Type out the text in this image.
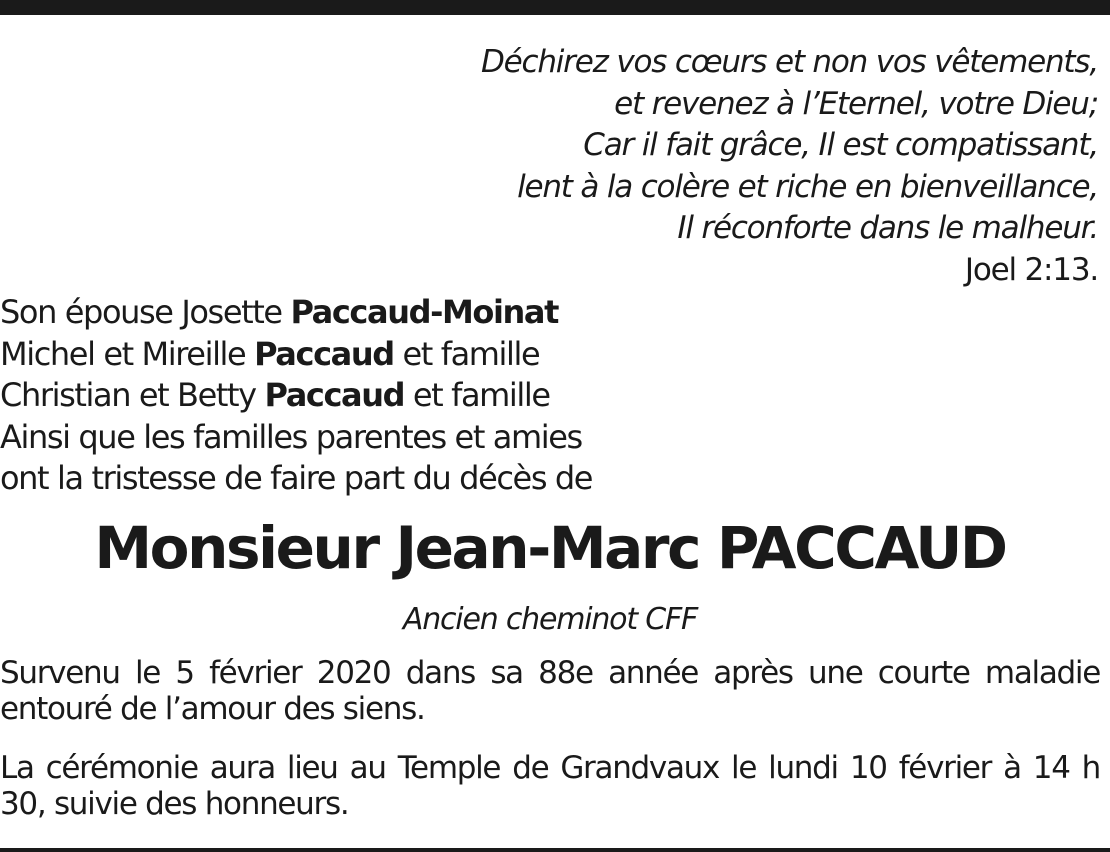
Déchirez vos cœurs et non vos vêtements,
et revenez à l’Eternel, votre Dieu;
Car il fait grâce, Il est compatissant,
lent à la colère et riche en bienveillance,
Il réconforte dans le malheur.
Joel 2:13.
Son épouse Josette Paccaud-Moinat
Michel et Mireille Paccaud et famille
Christian et Betty Paccaud et famille
Ainsi que les familles parentes et amies
ont la tristesse de faire part du décès de
Monsieur Jean-Marc PACCAUD
Ancien cheminot CFF
Survenu le 5 février 2020 dans sa 88e année après une courte maladie entouré de l’amour des siens.
La cérémonie aura lieu au Temple de Grandvaux le lundi 10 février à 14 h 30, suivie des honneurs.
